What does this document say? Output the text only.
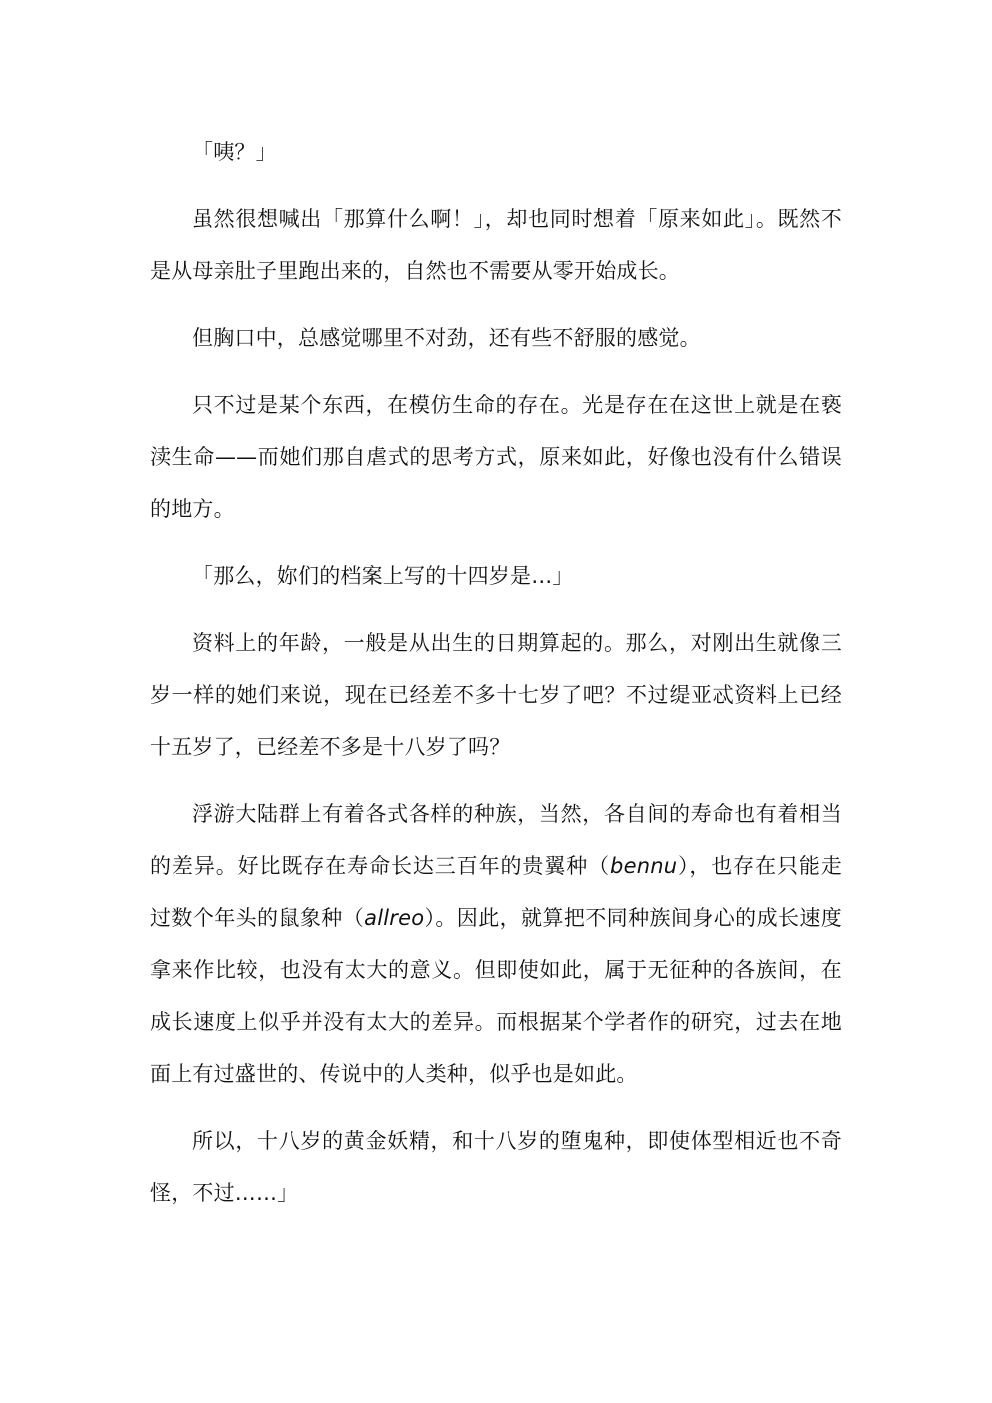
「咦？」

虽然很想喊出「那算什么啊！」，却也同时想着「原来如此」。既然不是从母亲肚子里跑出来的，自然也不需要从零开始成长。

但胸口中，总感觉哪里不对劲，还有些不舒服的感觉。

只不过是某个东西，在模仿生命的存在。光是存在在这世上就是在亵渎生命——而她们那自虐式的思考方式，原来如此，好像也没有什么错误的地方。

「那么，妳们的档案上写的十四岁是…」

资料上的年龄，一般是从出生的日期算起的。那么，对刚出生就像三岁一样的她们来说，现在已经差不多十七岁了吧？不过缇亚忒资料上已经十五岁了，已经差不多是十八岁了吗？

浮游大陆群上有着各式各样的种族，当然，各自间的寿命也有着相当的差异。好比既存在寿命长达三百年的贵翼种（bennu），也存在只能走过数个年头的鼠象种（allreo）。因此，就算把不同种族间身心的成长速度拿来作比较，也没有太大的意义。但即使如此，属于无征种的各族间，在成长速度上似乎并没有太大的差异。而根据某个学者作的研究，过去在地面上有过盛世的、传说中的人类种，似乎也是如此。

所以，十八岁的黄金妖精，和十八岁的堕鬼种，即使体型相近也不奇怪，不过……」
